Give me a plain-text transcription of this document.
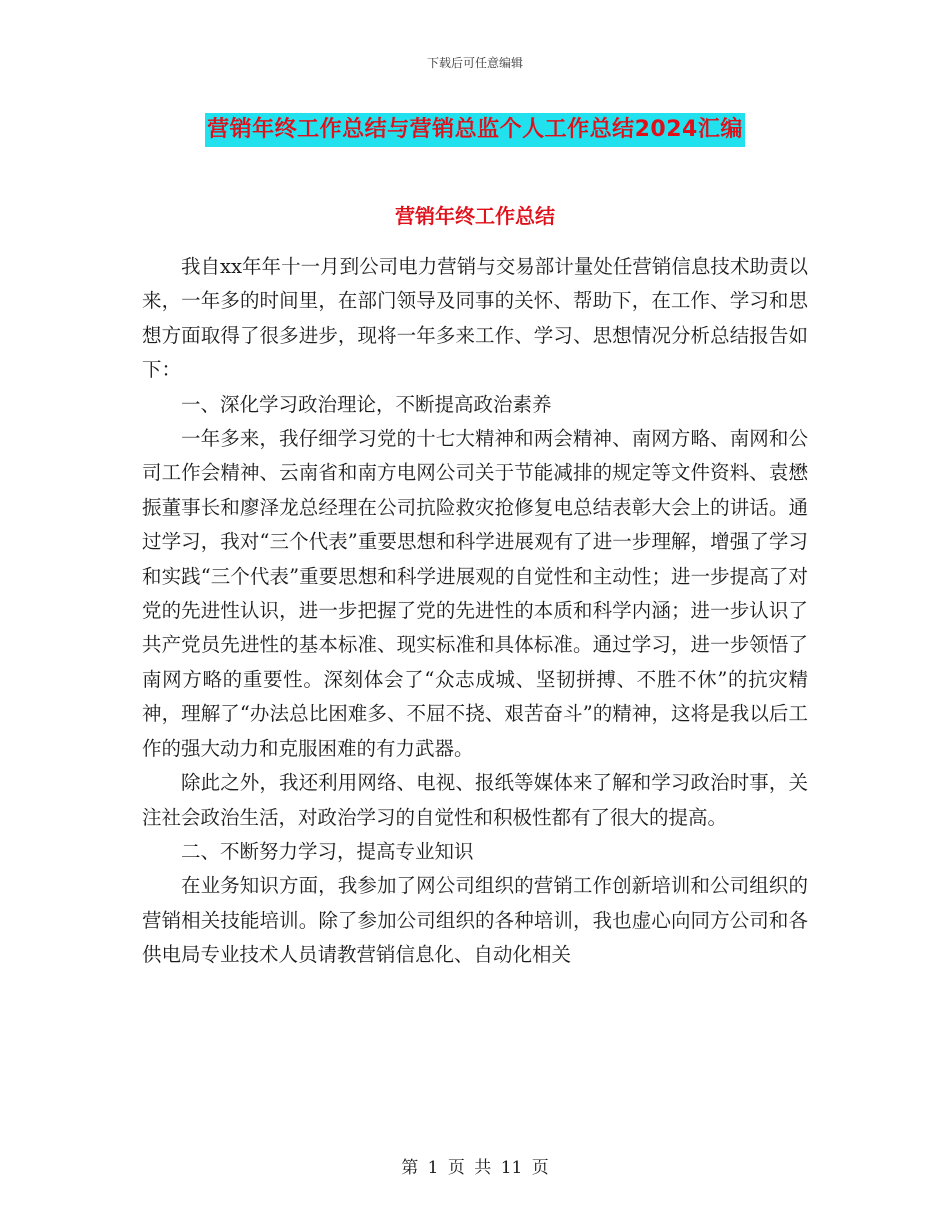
下载后可任意编辑
营销年终工作总结与营销总监个人工作总结2024汇编
营销年终工作总结

我自xx年年十一月到公司电力营销与交易部计量处任营销信息技术助责以来，一年多的时间里，在部门领导及同事的关怀、帮助下，在工作、学习和思想方面取得了很多进步，现将一年多来工作、学习、思想情况分析总结报告如下：

一、深化学习政治理论，不断提高政治素养

一年多来，我仔细学习党的十七大精神和两会精神、南网方略、南网和公司工作会精神、云南省和南方电网公司关于节能减排的规定等文件资料、袁懋振董事长和廖泽龙总经理在公司抗险救灾抢修复电总结表彰大会上的讲话。通过学习，我对“三个代表”重要思想和科学进展观有了进一步理解，增强了学习和实践“三个代表”重要思想和科学进展观的自觉性和主动性；进一步提高了对党的先进性认识，进一步把握了党的先进性的本质和科学内涵；进一步认识了共产党员先进性的基本标准、现实标准和具体标准。通过学习，进一步领悟了南网方略的重要性。深刻体会了“众志成城、坚韧拼搏、不胜不休”的抗灾精神，理解了“办法总比困难多、不屈不挠、艰苦奋斗”的精神，这将是我以后工作的强大动力和克服困难的有力武器。

除此之外，我还利用网络、电视、报纸等媒体来了解和学习政治时事，关注社会政治生活，对政治学习的自觉性和积极性都有了很大的提高。

二、不断努力学习，提高专业知识

在业务知识方面，我参加了网公司组织的营销工作创新培训和公司组织的营销相关技能培训。除了参加公司组织的各种培训，我也虚心向同方公司和各供电局专业技术人员请教营销信息化、自动化相关

第 1 页 共 11 页
